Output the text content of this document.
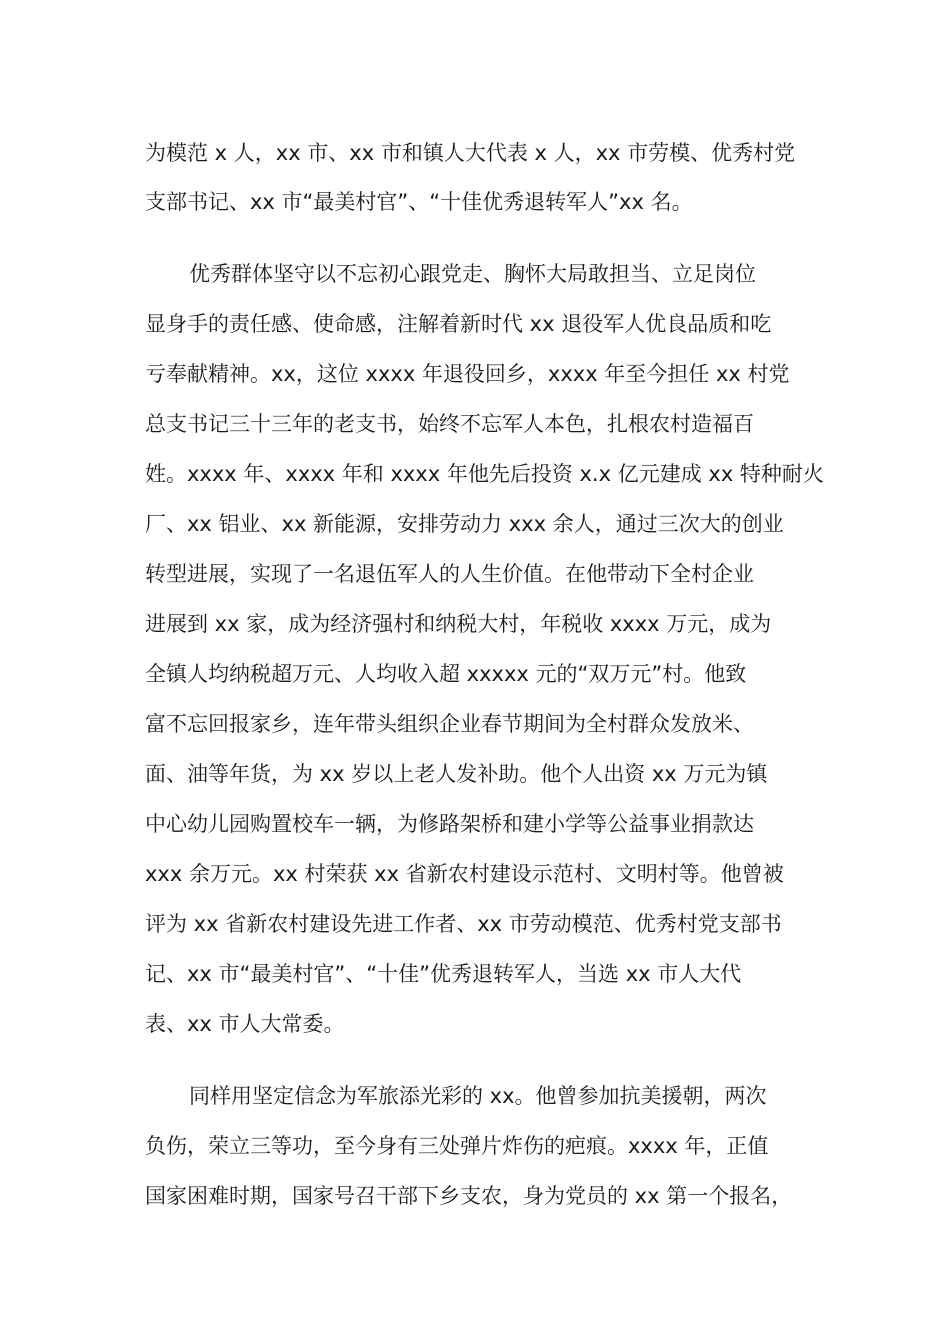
为模范 x 人，xx 市、xx 市和镇人大代表 x 人，xx 市劳模、优秀村党
支部书记、xx 市“最美村官”、“十佳优秀退转军人”xx 名。
优秀群体坚守以不忘初心跟党走、胸怀大局敢担当、立足岗位
显身手的责任感、使命感，注解着新时代 xx 退役军人优良品质和吃
亏奉献精神。xx，这位 xxxx 年退役回乡，xxxx 年至今担任 xx 村党
总支书记三十三年的老支书，始终不忘军人本色，扎根农村造福百
姓。xxxx 年、xxxx 年和 xxxx 年他先后投资 x.x 亿元建成 xx 特种耐火
厂、xx 铝业、xx 新能源，安排劳动力 xxx 余人，通过三次大的创业
转型进展，实现了一名退伍军人的人生价值。在他带动下全村企业
进展到 xx 家，成为经济强村和纳税大村，年税收 xxxx 万元，成为
全镇人均纳税超万元、人均收入超 xxxxx 元的“双万元”村。他致
富不忘回报家乡，连年带头组织企业春节期间为全村群众发放米、
面、油等年货，为 xx 岁以上老人发补助。他个人出资 xx 万元为镇
中心幼儿园购置校车一辆，为修路架桥和建小学等公益事业捐款达
xxx 余万元。xx 村荣获 xx 省新农村建设示范村、文明村等。他曾被
评为 xx 省新农村建设先进工作者、xx 市劳动模范、优秀村党支部书
记、xx 市“最美村官”、“十佳”优秀退转军人，当选 xx 市人大代
表、xx 市人大常委。
同样用坚定信念为军旅添光彩的 xx。他曾参加抗美援朝，两次
负伤，荣立三等功，至今身有三处弹片炸伤的疤痕。xxxx 年，正值
国家困难时期，国家号召干部下乡支农，身为党员的 xx 第一个报名，
